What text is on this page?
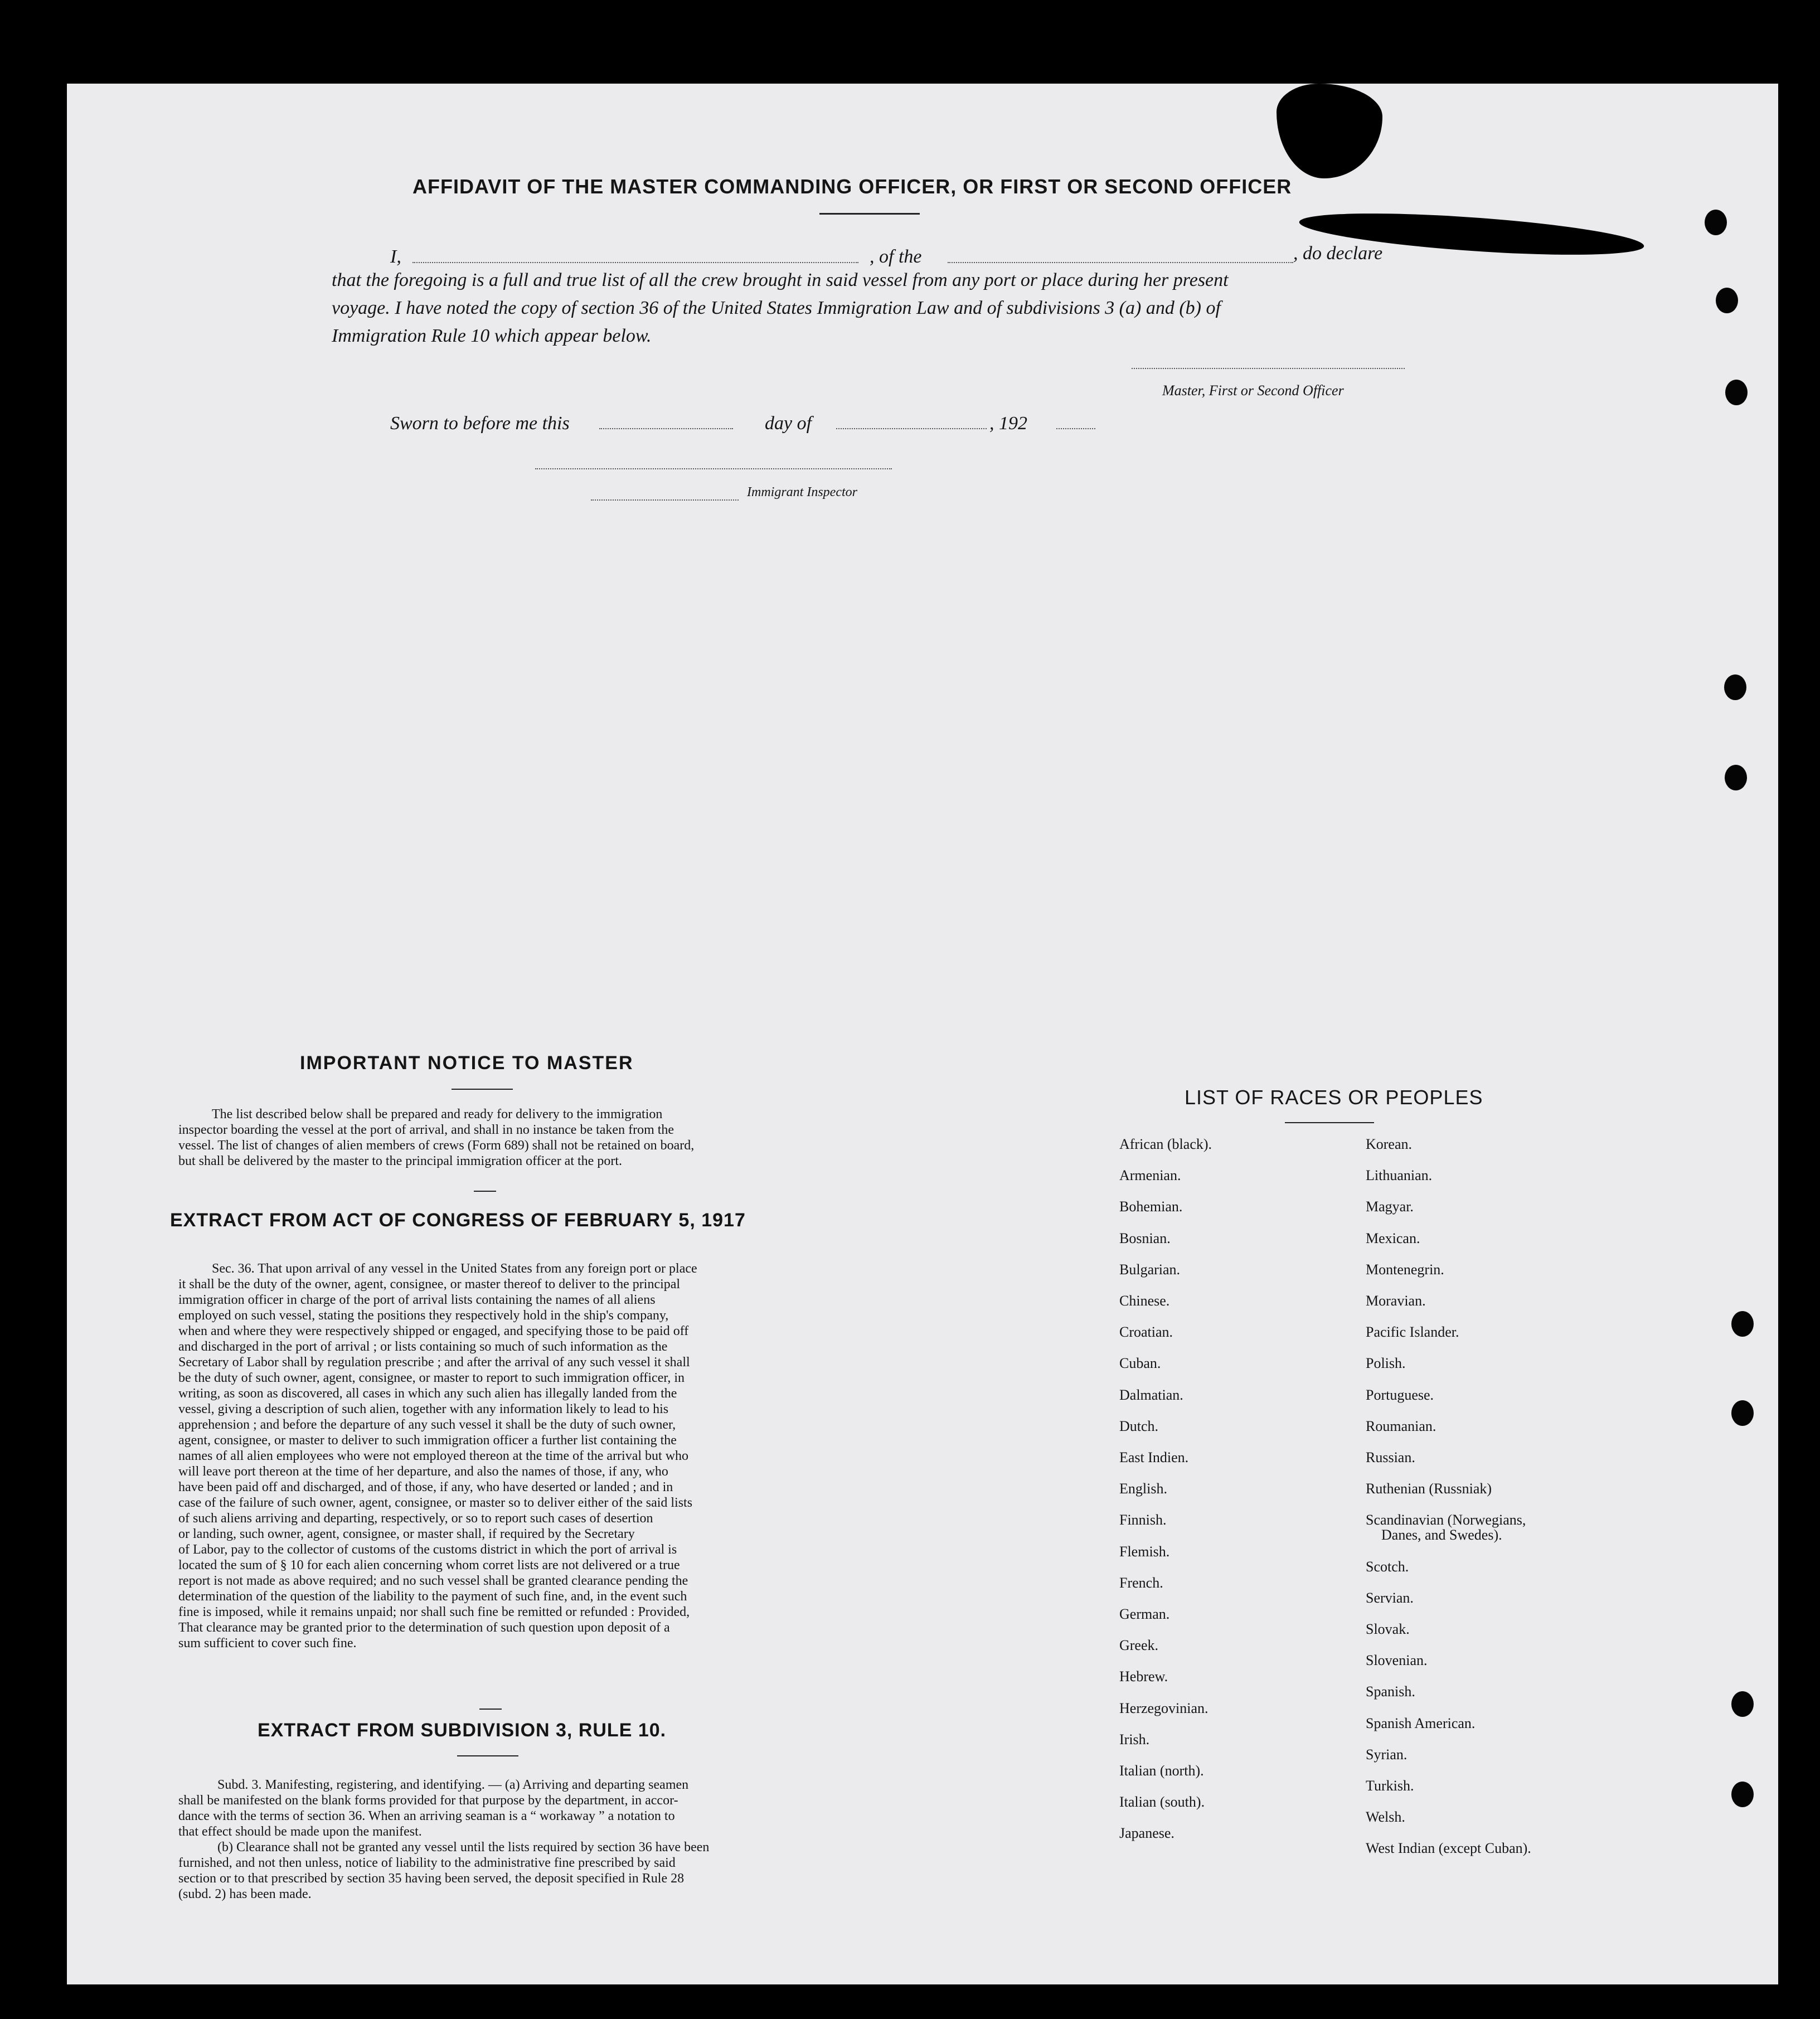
AFFIDAVIT OF THE MASTER COMMANDING OFFICER, OR FIRST OR SECOND OFFICER
I,	, of the	, do declare
that the foregoing is a full and true list of all the crew brought in said vessel from any port or place during her present
voyage. I have noted the copy of section 36 of the United States Immigration Law and of subdivisions 3 (a) and (b) of
Immigration Rule 10 which appear below.
Master, First or Second Officer
Sworn to before me this	day of	, 192
Immigrant Inspector
IMPORTANT NOTICE TO MASTER
The list described below shall be prepared and ready for delivery to the immigration
inspector boarding the vessel at the port of arrival, and shall in no instance be taken from the
vessel. The list of changes of alien members of crews (Form 689) shall not be retained on board,
but shall be delivered by the master to the principal immigration officer at the port.
EXTRACT FROM ACT OF CONGRESS OF FEBRUARY 5, 1917
Sec. 36. That upon arrival of any vessel in the United States from any foreign port or place
it shall be the duty of the owner, agent, consignee, or master thereof to deliver to the principal
immigration officer in charge of the port of arrival lists containing the names of all aliens
employed on such vessel, stating the positions they respectively hold in the ship's company,
when and where they were respectively shipped or engaged, and specifying those to be paid off
and discharged in the port of arrival ; or lists containing so much of such information as the
Secretary of Labor shall by regulation prescribe ; and after the arrival of any such vessel it shall
be the duty of such owner, agent, consignee, or master to report to such immigration officer, in
writing, as soon as discovered, all cases in which any such alien has illegally landed from the
vessel, giving a description of such alien, together with any information likely to lead to his
apprehension ; and before the departure of any such vessel it shall be the duty of such owner,
agent, consignee, or master to deliver to such immigration officer a further list containing the
names of all alien employees who were not employed thereon at the time of the arrival but who
will leave port thereon at the time of her departure, and also the names of those, if any, who
have been paid off and discharged, and of those, if any, who have deserted or landed ; and in
case of the failure of such owner, agent, consignee, or master so to deliver either of the said lists
of such aliens arriving and departing, respectively, or so to report such cases of desertion
or landing, such owner, agent, consignee, or master shall, if required by the Secretary
of Labor, pay to the collector of customs of the customs district in which the port of arrival is
located the sum of § 10 for each alien concerning whom corret lists are not delivered or a true
report is not made as above required; and no such vessel shall be granted clearance pending the
determination of the question of the liability to the payment of such fine, and, in the event such
fine is imposed, while it remains unpaid; nor shall such fine be remitted or refunded : Provided,
That clearance may be granted prior to the determination of such question upon deposit of a
sum sufficient to cover such fine.
EXTRACT FROM SUBDIVISION 3, RULE 10.
Subd. 3. Manifesting, registering, and identifying. — (a) Arriving and departing seamen
shall be manifested on the blank forms provided for that purpose by the department, in accor-
dance with the terms of section 36. When an arriving seaman is a “ workaway ” a notation to
that effect should be made upon the manifest.
(b) Clearance shall not be granted any vessel until the lists required by section 36 have been
furnished, and not then unless, notice of liability to the administrative fine prescribed by said
section or to that prescribed by section 35 having been served, the deposit specified in Rule 28
(subd. 2) has been made.
LIST OF RACES OR PEOPLES
African (black).
Armenian.
Bohemian.
Bosnian.
Bulgarian.
Chinese.
Croatian.
Cuban.
Dalmatian.
Dutch.
East Indien.
English.
Finnish.
Flemish.
French.
German.
Greek.
Hebrew.
Herzegovinian.
Irish.
Italian (north).
Italian (south).
Japanese.
Korean.
Lithuanian.
Magyar.
Mexican.
Montenegrin.
Moravian.
Pacific Islander.
Polish.
Portuguese.
Roumanian.
Russian.
Ruthenian (Russniak)
Scandinavian (Norwegians,
Danes, and Swedes).
Scotch.
Servian.
Slovak.
Slovenian.
Spanish.
Spanish American.
Syrian.
Turkish.
Welsh.
West Indian (except Cuban).
